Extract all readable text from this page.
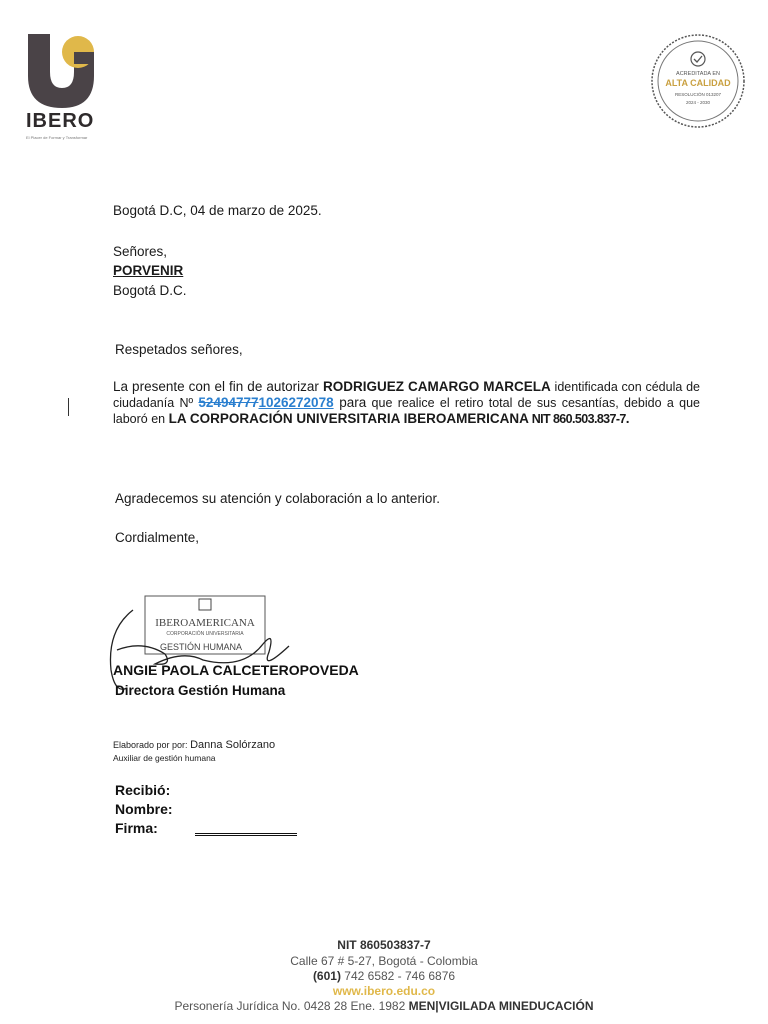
IBERO
El Placer de Formar y Transformar
ACREDITADA EN
ALTA CALIDAD
RESOLUCIÓN 013207
2024 - 2030
Bogotá D.C, 04 de marzo de 2025.
Señores,
PORVENIR
Bogotá D.C.
Respetados señores,
La presente con el fin de autorizar RODRIGUEZ CAMARGO MARCELA identificada con cédula de ciudadanía Nº 524947771026272078 para que realice el retiro total de sus cesantías, debido a que laboró en LA CORPORACIÓN UNIVERSITARIA IBEROAMERICANA NIT 860.503.837-7.
Agradecemos su atención y colaboración a lo anterior.
Cordialmente,
IBEROAMERICANA
CORPORACIÓN UNIVERSITARIA
GESTIÓN HUMANA
ANGIE PAOLA CALCETEROPOVEDA
Directora Gestión Humana
Elaborado por por: Danna Solórzano
Auxiliar de gestión humana
Recibió:
Nombre:
Firma:
NIT 860503837-7
Calle 67 # 5-27, Bogotá - Colombia
(601) 742 6582 - 746 6876
www.ibero.edu.co
Personería Jurídica No. 0428 28 Ene. 1982 MEN|VIGILADA MINEDUCACIÓN
